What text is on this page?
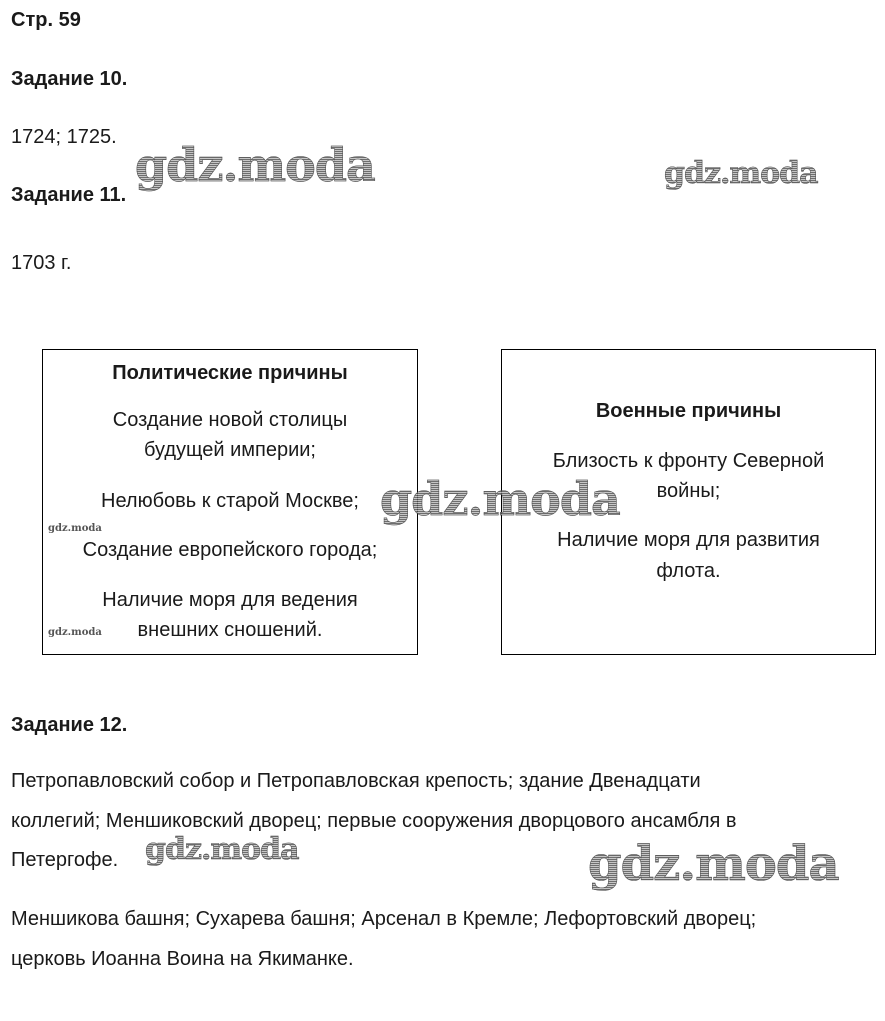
Стр. 59
Задание 10.
1724; 1725.
Задание 11.
1703 г.
Политические причины
Создание новой столицы
будущей империи;
Нелюбовь к старой Москве;
Создание европейского города;
Наличие моря для ведения
внешних сношений.
Военные причины
Близость к фронту Северной
войны;
Наличие моря для развития
флота.
Задание 12.
Петропавловский собор и Петропавловская крепость; здание Двенадцати
коллегий; Меншиковский дворец; первые сооружения дворцового ансамбля в
Петергофе.
Меншикова башня; Сухарева башня; Арсенал в Кремле; Лефортовский дворец;
церковь Иоанна Воина на Якиманке.
gdz.moda	gdz.moda
gdz.moda
gdz.moda
gdz.moda
gdz.moda	gdz.moda
